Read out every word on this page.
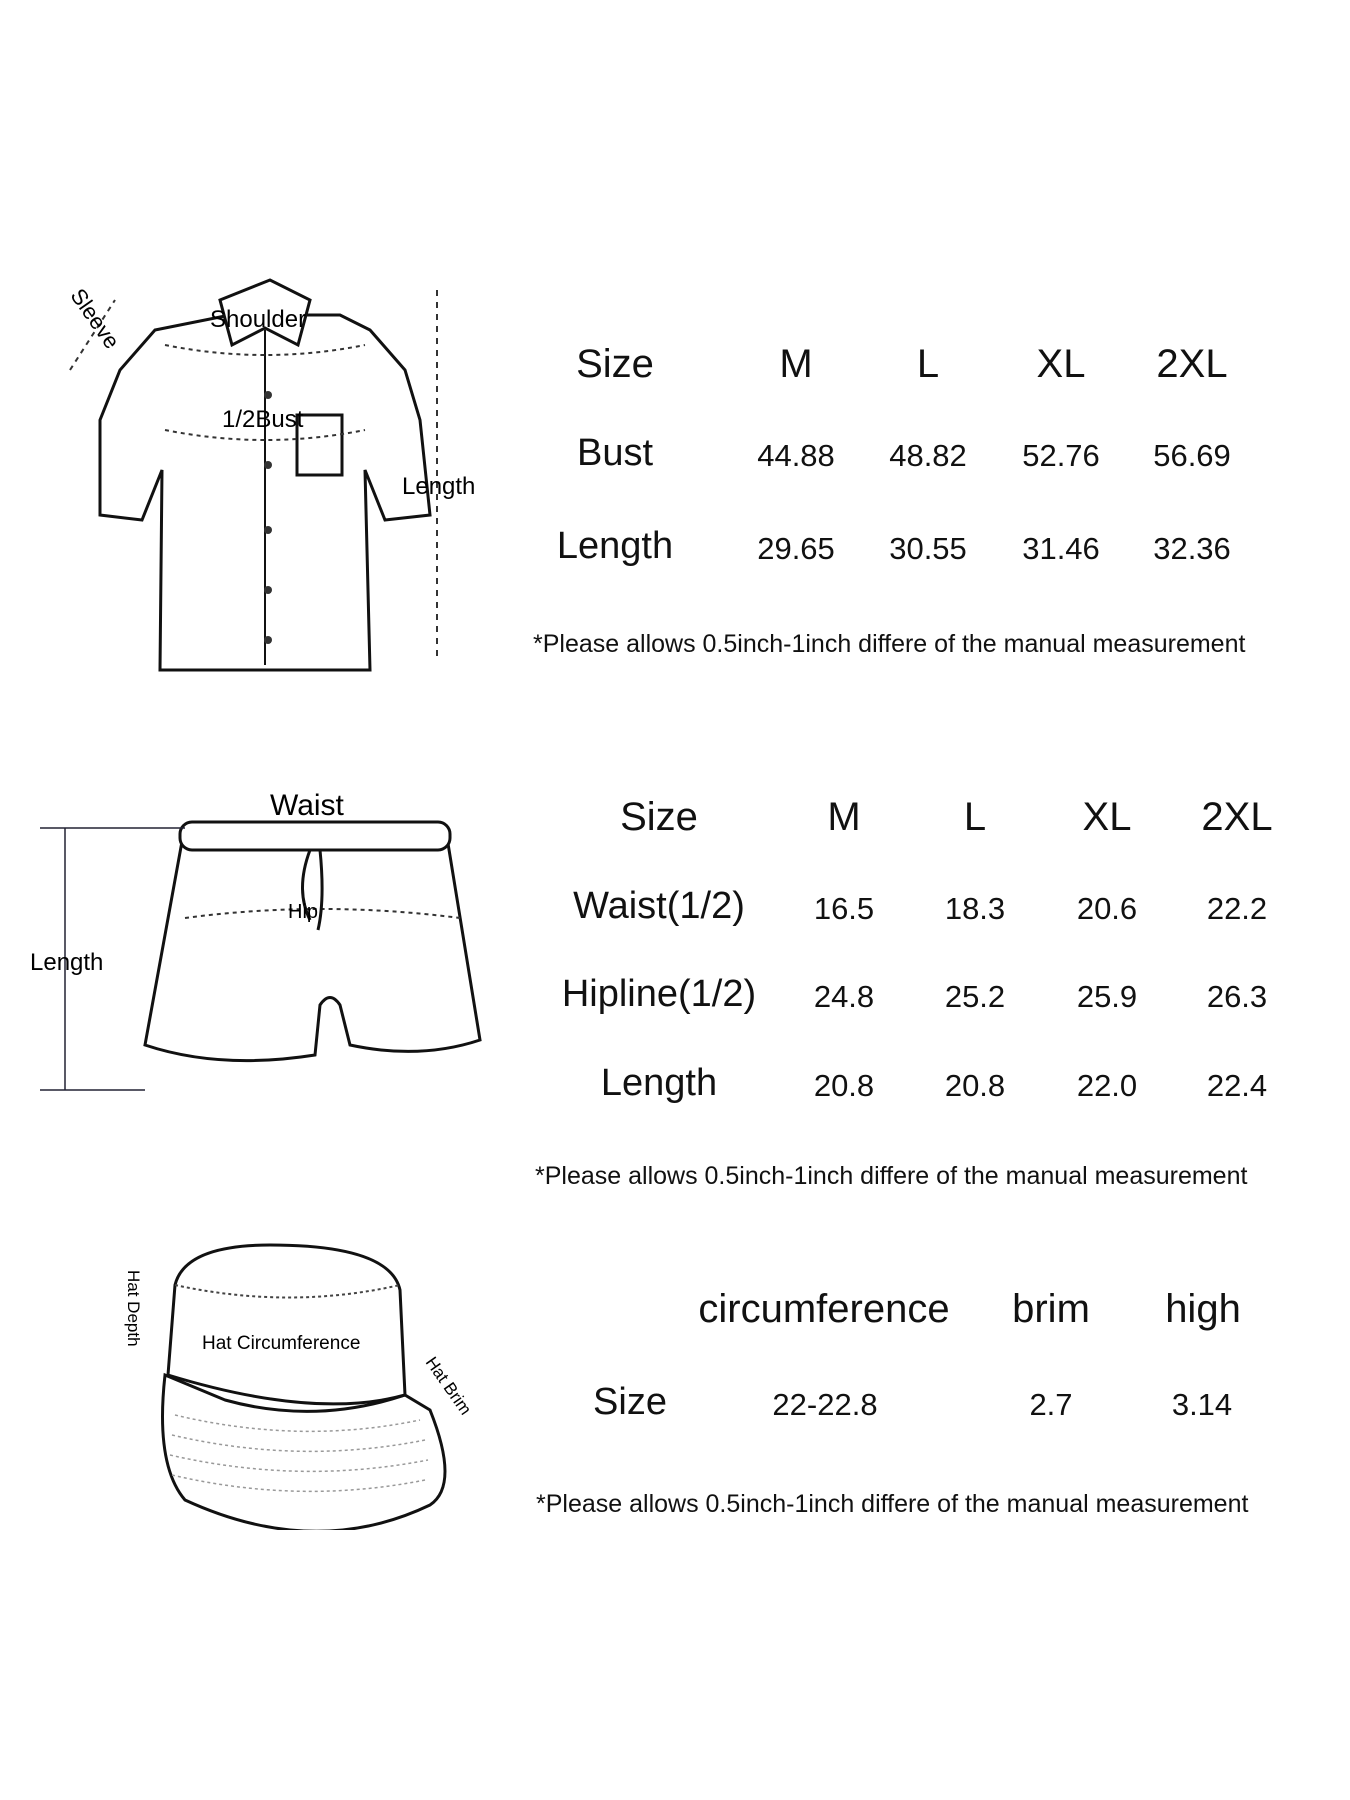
Sleeve	Shoulder
1/2Bust
Length
Size	M	L XL 2XL
Bust	44.88 48.82 52.76 56.69
Length	29.65 30.55 31.46 32.36
*Please allows 0.5inch-1inch differe of the manual measurement
Waist
Hip
Length
Size	M	L XL 2XL
Waist(1/2) 16.5 18.3 20.6 22.2
Hipline(1/2) 24.8 25.2 25.9 26.3
Length	20.8 20.8 22.0 22.4
*Please allows 0.5inch-1inch differe of the manual measurement
Hat Circumference
Hat Depth
Hat Brim
circumference brim high
Size	22-22.8	2.7	3.14
*Please allows 0.5inch-1inch differe of the manual measurement
